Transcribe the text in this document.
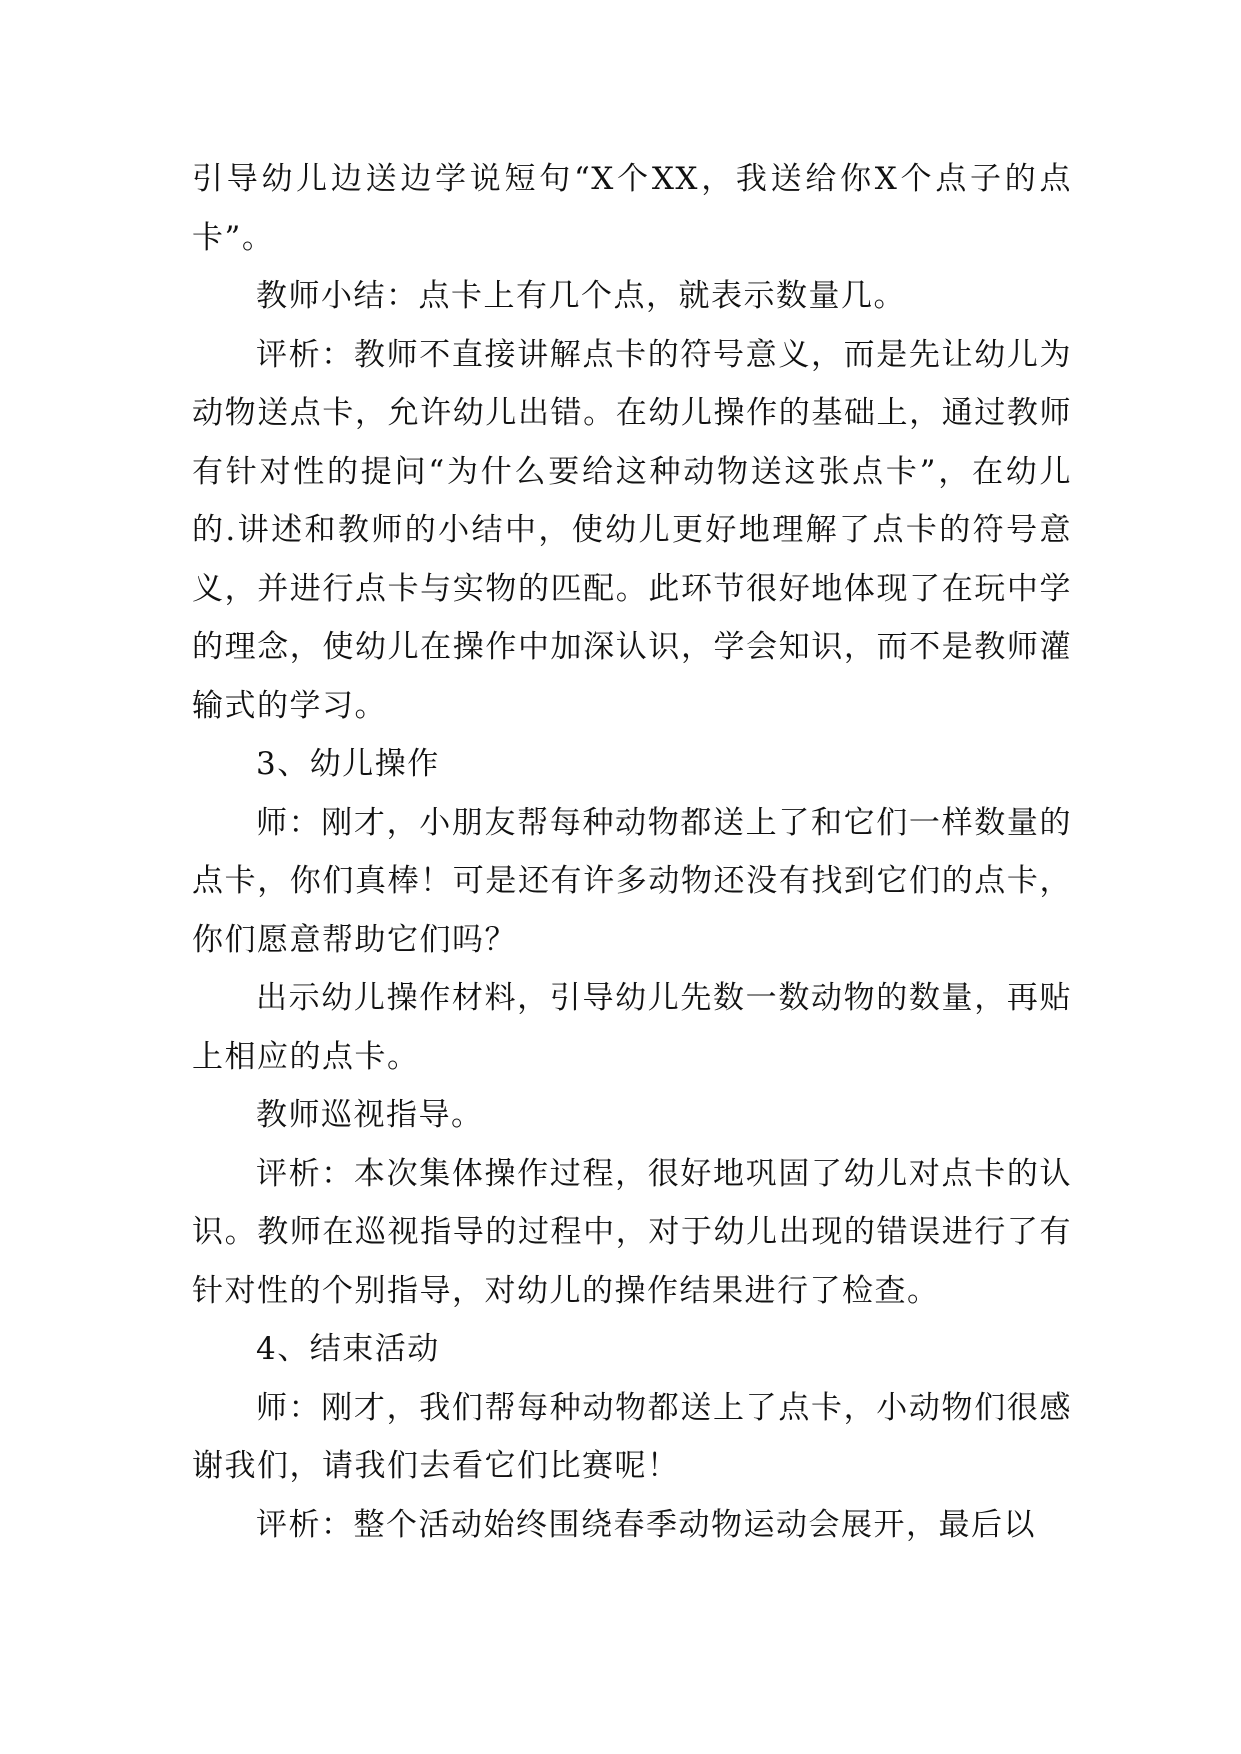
引导幼儿边送边学说短句“X个XX，我送给你X个点子的点卡”。

教师小结：点卡上有几个点，就表示数量几。

评析：教师不直接讲解点卡的符号意义，而是先让幼儿为动物送点卡，允许幼儿出错。在幼儿操作的基础上，通过教师有针对性的提问“为什么要给这种动物送这张点卡”，在幼儿的.讲述和教师的小结中，使幼儿更好地理解了点卡的符号意义，并进行点卡与实物的匹配。此环节很好地体现了在玩中学的理念，使幼儿在操作中加深认识，学会知识，而不是教师灌输式的学习。

3、幼儿操作

师：刚才，小朋友帮每种动物都送上了和它们一样数量的点卡，你们真棒！可是还有许多动物还没有找到它们的点卡，你们愿意帮助它们吗？

出示幼儿操作材料，引导幼儿先数一数动物的数量，再贴上相应的点卡。

教师巡视指导。

评析：本次集体操作过程，很好地巩固了幼儿对点卡的认识。教师在巡视指导的过程中，对于幼儿出现的错误进行了有针对性的个别指导，对幼儿的操作结果进行了检查。

4、结束活动

师：刚才，我们帮每种动物都送上了点卡，小动物们很感谢我们，请我们去看它们比赛呢！

评析：整个活动始终围绕春季动物运动会展开，最后以
